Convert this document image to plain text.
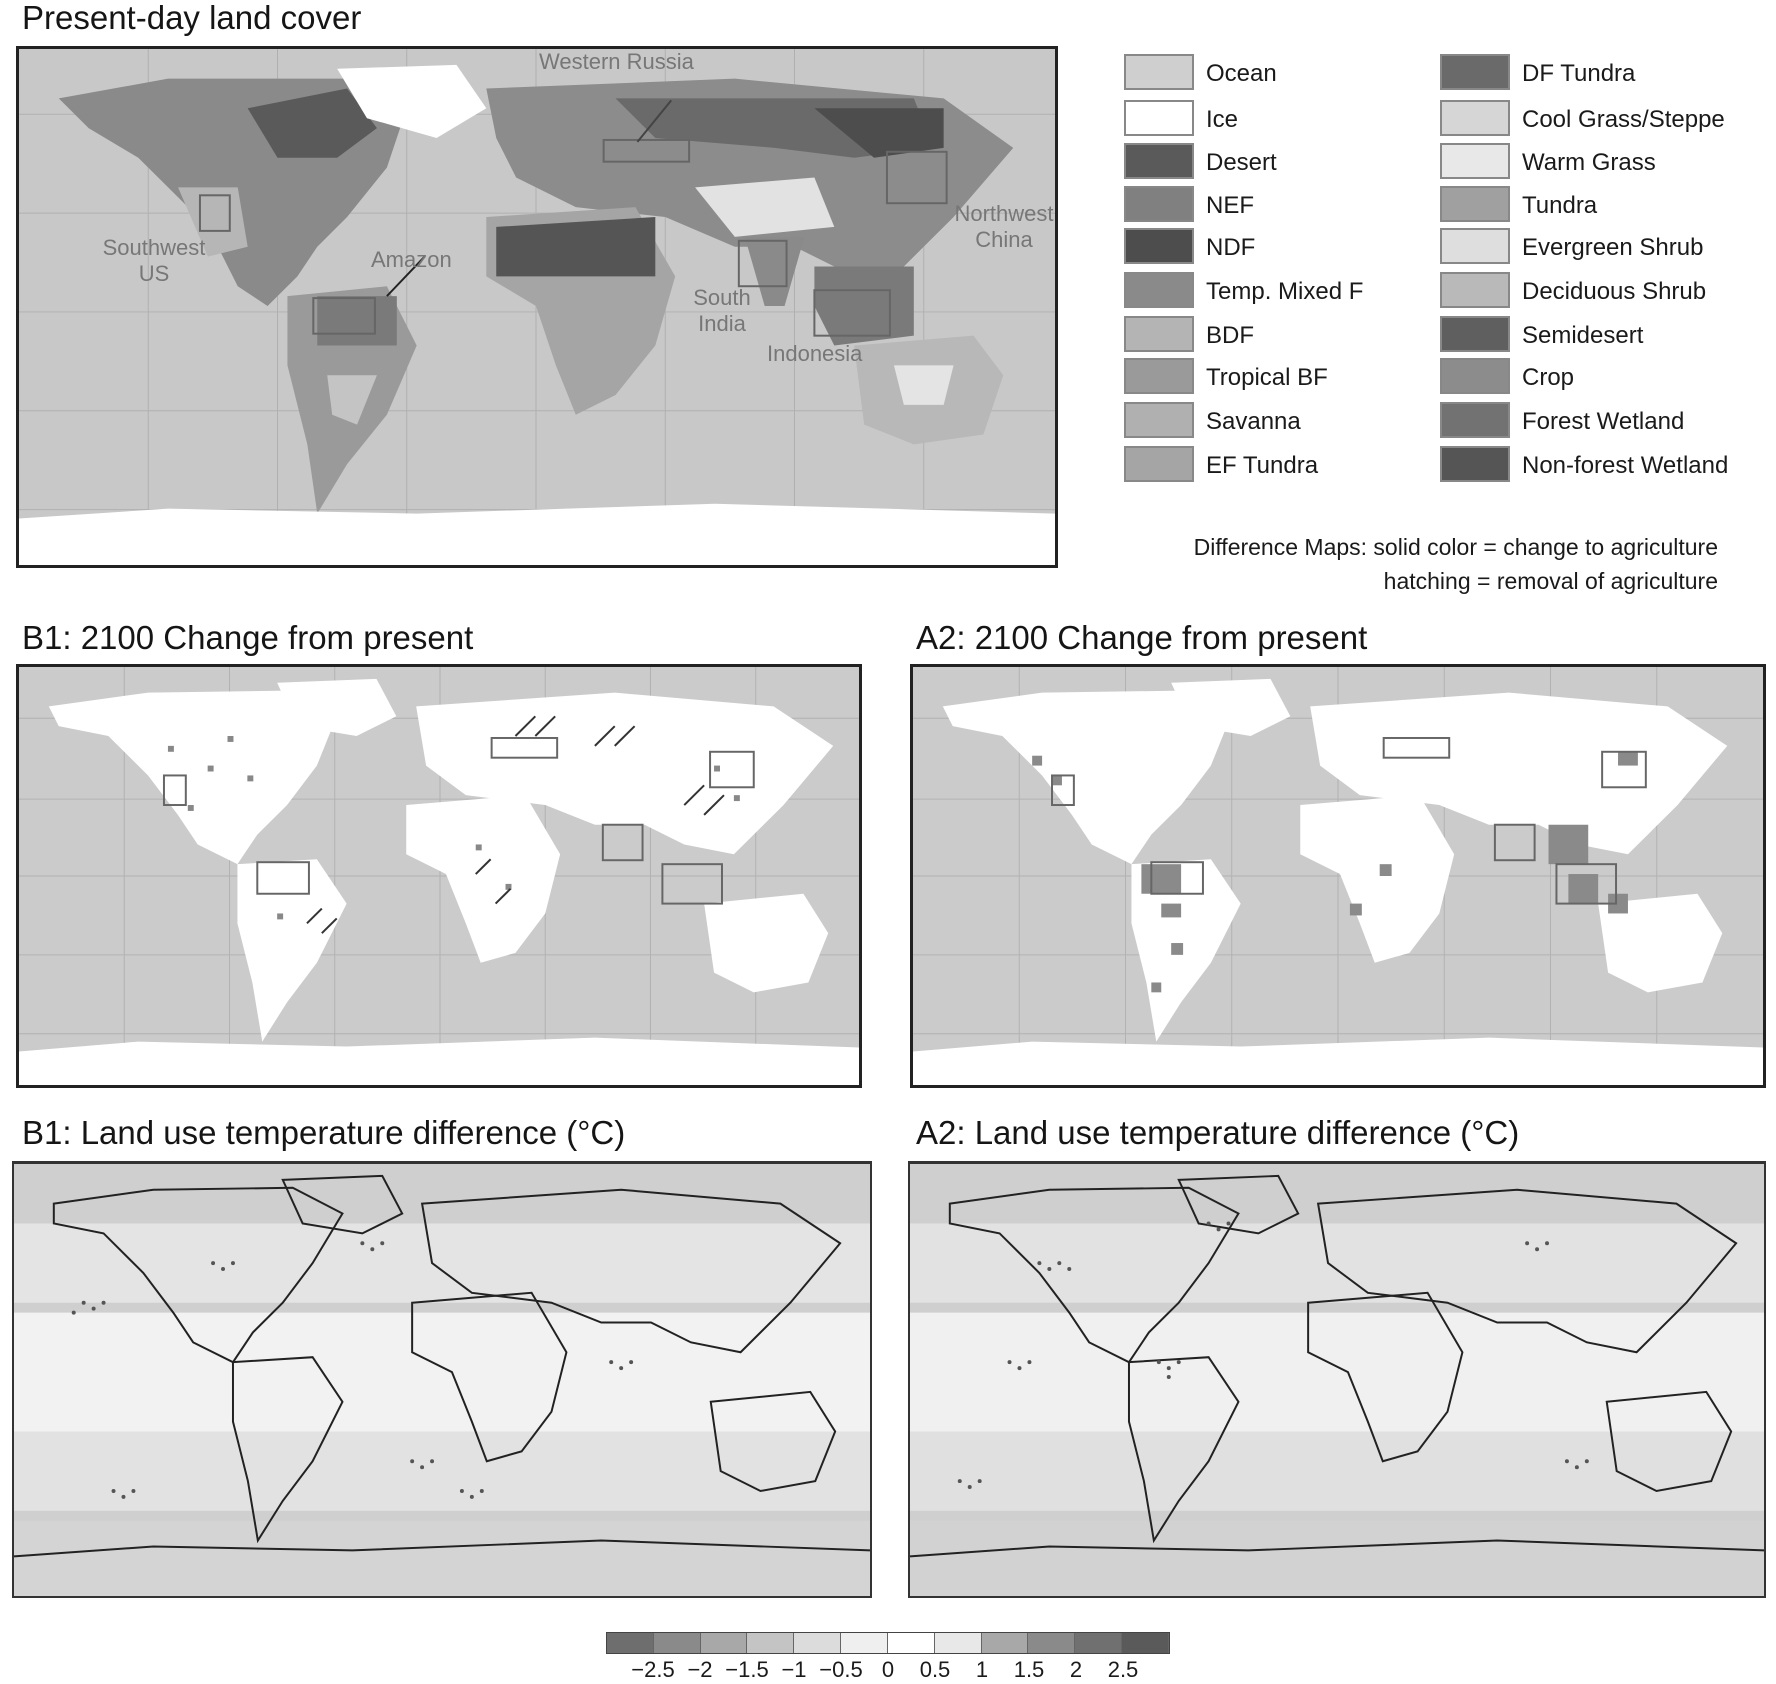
Present-day land cover
B1: 2100 Change from present	A2: 2100 Change from present
B1: Land use temperature difference (°C)	A2: Land use temperature difference (°C)
Western Russia
Northwest China
Southwest US
Amazon
South India
Indonesia
Ocean
Ice
Desert
NEF
NDF
Temp. Mixed F
BDF
Tropical BF
Savanna
EF Tundra
DF Tundra
Cool Grass/Steppe
Warm Grass
Tundra
Evergreen Shrub
Deciduous Shrub
Semidesert
Crop
Forest Wetland
Non-forest Wetland
Difference Maps: solid color = change to agriculture
hatching = removal of agriculture
−2.5 −2 −1.5 −1 −0.5 0 0.5 1 1.5 2 2.5
